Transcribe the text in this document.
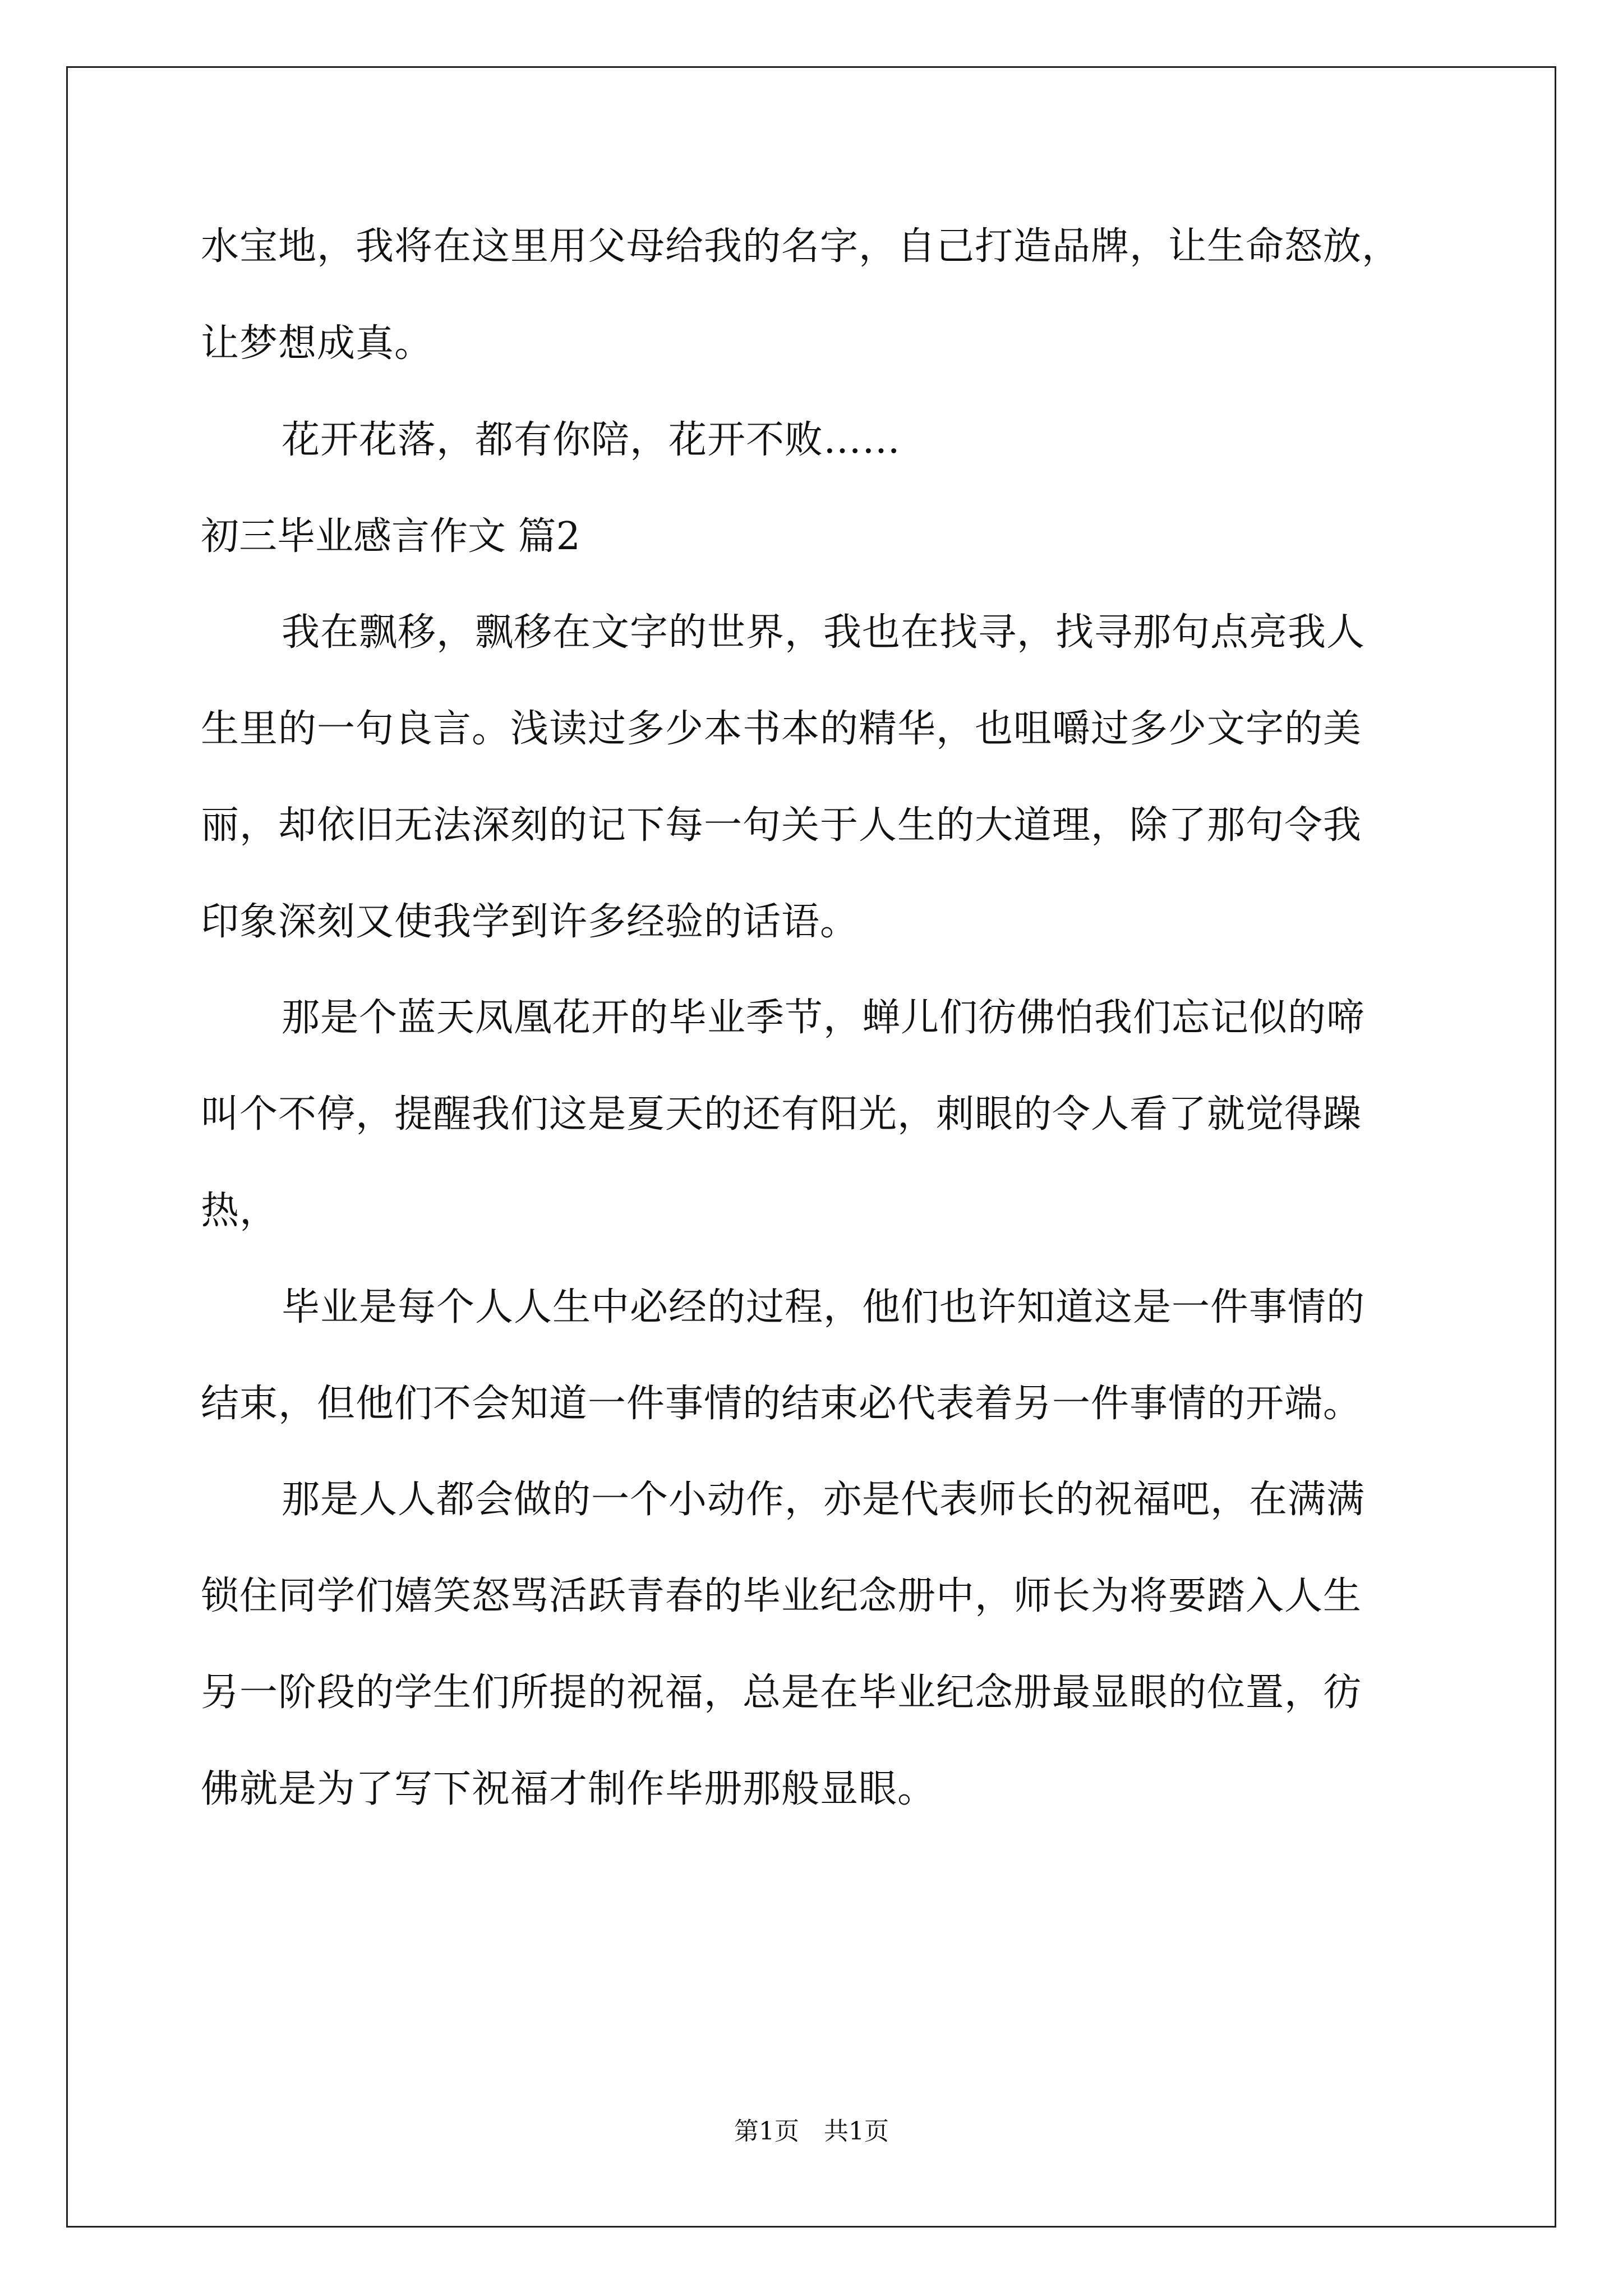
水宝地，我将在这里用父母给我的名字，自己打造品牌，让生命怒放，
让梦想成真。
花开花落，都有你陪，花开不败……
初三毕业感言作文 篇2
我在飘移，飘移在文字的世界，我也在找寻，找寻那句点亮我人
生里的一句良言。浅读过多少本书本的精华，也咀嚼过多少文字的美
丽，却依旧无法深刻的记下每一句关于人生的大道理，除了那句令我
印象深刻又使我学到许多经验的话语。
那是个蓝天凤凰花开的毕业季节，蝉儿们彷佛怕我们忘记似的啼
叫个不停，提醒我们这是夏天的还有阳光，刺眼的令人看了就觉得躁
热，
毕业是每个人人生中必经的过程，他们也许知道这是一件事情的
结束，但他们不会知道一件事情的结束必代表着另一件事情的开端。
那是人人都会做的一个小动作，亦是代表师长的祝福吧，在满满
锁住同学们嬉笑怒骂活跃青春的毕业纪念册中，师长为将要踏入人生
另一阶段的学生们所提的祝福，总是在毕业纪念册最显眼的位置，彷
佛就是为了写下祝福才制作毕册那般显眼。
第1页　共1页
